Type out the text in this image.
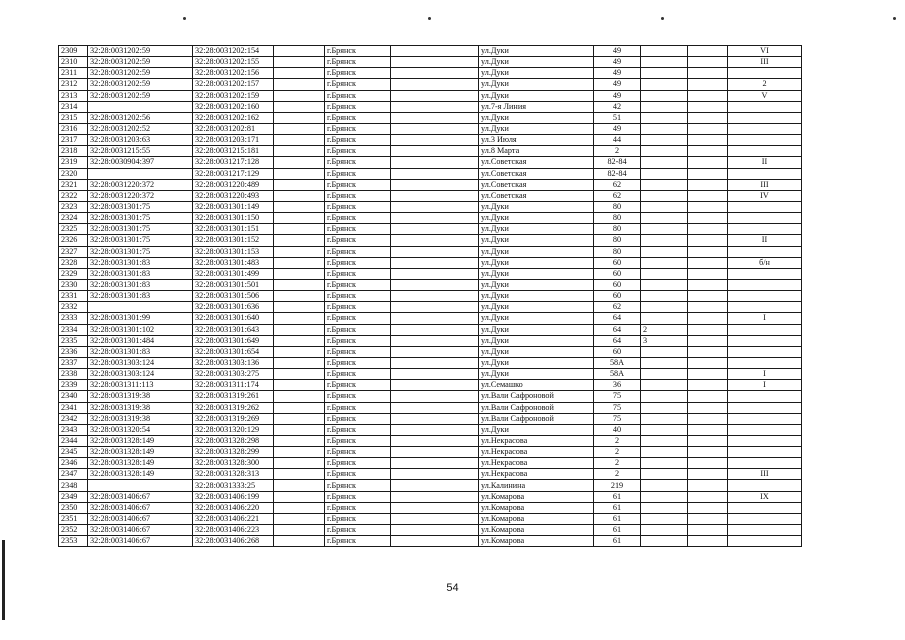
2309	32:28:0031202:59	32:28:0031202:154		г.Брянск		ул.Дуки	49			VI
2310	32:28:0031202:59	32:28:0031202:155		г.Брянск		ул.Дуки	49			III
2311	32:28:0031202:59	32:28:0031202:156		г.Брянск		ул.Дуки	49			
2312	32:28:0031202:59	32:28:0031202:157		г.Брянск		ул.Дуки	49			2
2313	32:28:0031202:59	32:28:0031202:159		г.Брянск		ул.Дуки	49			V
2314		32:28:0031202:160		г.Брянск		ул.7-я Линия	42			
2315	32:28:0031202:56	32:28:0031202:162		г.Брянск		ул.Дуки	51			
2316	32:28:0031202:52	32:28:0031202:81		г.Брянск		ул.Дуки	49			
2317	32:28:0031203:63	32:28:0031203:171		г.Брянск		ул.3 Июля	44			
2318	32:28:0031215:55	32:28:0031215:181		г.Брянск		ул.8 Марта	2			
2319	32:28:0030904:397	32:28:0031217:128		г.Брянск		ул.Советская	82-84			II
2320		32:28:0031217:129		г.Брянск		ул.Советская	82-84			
2321	32:28:0031220:372	32:28:0031220:489		г.Брянск		ул.Советская	62			III
2322	32:28:0031220:372	32:28:0031220:493		г.Брянск		ул.Советская	62			IV
2323	32:28:0031301:75	32:28:0031301:149		г.Брянск		ул.Дуки	80			
2324	32:28:0031301:75	32:28:0031301:150		г.Брянск		ул.Дуки	80			
2325	32:28:0031301:75	32:28:0031301:151		г.Брянск		ул.Дуки	80			
2326	32:28:0031301:75	32:28:0031301:152		г.Брянск		ул.Дуки	80			II
2327	32:28:0031301:75	32:28:0031301:153		г.Брянск		ул.Дуки	80			
2328	32:28:0031301:83	32:28:0031301:483		г.Брянск		ул.Дуки	60			б/н
2329	32:28:0031301:83	32:28:0031301:499		г.Брянск		ул.Дуки	60			
2330	32:28:0031301:83	32:28:0031301:501		г.Брянск		ул.Дуки	60			
2331	32:28:0031301:83	32:28:0031301:506		г.Брянск		ул.Дуки	60			
2332		32:28:0031301:636		г.Брянск		ул.Дуки	62			
2333	32:28:0031301:99	32:28:0031301:640		г.Брянск		ул.Дуки	64			I
2334	32:28:0031301:102	32:28:0031301:643		г.Брянск		ул.Дуки	64	2		
2335	32:28:0031301:484	32:28:0031301:649		г.Брянск		ул.Дуки	64	3		
2336	32:28:0031301:83	32:28:0031301:654		г.Брянск		ул.Дуки	60			
2337	32:28:0031303:124	32:28:0031303:136		г.Брянск		ул.Дуки	58А			
2338	32:28:0031303:124	32:28:0031303:275		г.Брянск		ул.Дуки	58А			I
2339	32:28:0031311:113	32:28:0031311:174		г.Брянск		ул.Семашко	36			I
2340	32:28:0031319:38	32:28:0031319:261		г.Брянск		ул.Вали Сафроновой	75			
2341	32:28:0031319:38	32:28:0031319:262		г.Брянск		ул.Вали Сафроновой	75			
2342	32:28:0031319:38	32:28:0031319:269		г.Брянск		ул.Вали Сафроновой	75			
2343	32:28:0031320:54	32:28:0031320:129		г.Брянск		ул.Дуки	40			
2344	32:28:0031328:149	32:28:0031328:298		г.Брянск		ул.Некрасова	2			
2345	32:28:0031328:149	32:28:0031328:299		г.Брянск		ул.Некрасова	2			
2346	32:28:0031328:149	32:28:0031328:300		г.Брянск		ул.Некрасова	2			
2347	32:28:0031328:149	32:28:0031328:313		г.Брянск		ул.Некрасова	2			III
2348		32:28:0031333:25		г.Брянск		ул.Калинина	219			
2349	32:28:0031406:67	32:28:0031406:199		г.Брянск		ул.Комарова	61			IX
2350	32:28:0031406:67	32:28:0031406:220		г.Брянск		ул.Комарова	61			
2351	32:28:0031406:67	32:28:0031406:221		г.Брянск		ул.Комарова	61			
2352	32:28:0031406:67	32:28:0031406:223		г.Брянск		ул.Комарова	61			
2353	32:28:0031406:67	32:28:0031406:268		г.Брянск		ул.Комарова	61			
54
